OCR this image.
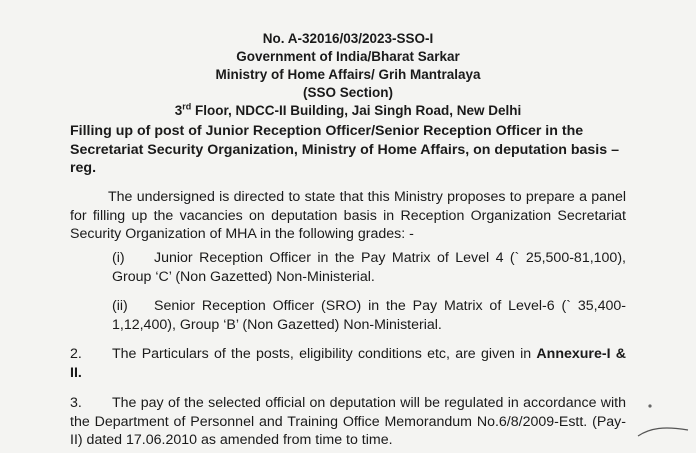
No. A-32016/03/2023-SSO-I
Government of India/Bharat Sarkar
Ministry of Home Affairs/ Grih Mantralaya
(SSO Section)
3rd Floor, NDCC-II Building, Jai Singh Road, New Delhi
Filling up of post of Junior Reception Officer/Senior Reception Officer in the Secretariat Security Organization, Ministry of Home Affairs, on deputation basis – reg.
The undersigned is directed to state that this Ministry proposes to prepare a panel for filling up the vacancies on deputation basis in Reception Organization Secretariat Security Organization of MHA in the following grades: -
(i) Junior Reception Officer in the Pay Matrix of Level 4 (` 25,500-81,100), Group ‘C’ (Non Gazetted) Non-Ministerial.
(ii) Senior Reception Officer (SRO) in the Pay Matrix of Level-6 (` 35,400-1,12,400), Group ‘B’ (Non Gazetted) Non-Ministerial.
2. The Particulars of the posts, eligibility conditions etc, are given in Annexure-I & II.
3. The pay of the selected official on deputation will be regulated in accordance with the Department of Personnel and Training Office Memorandum No.6/8/2009-Estt. (Pay-II) dated 17.06.2010 as amended from time to time.
